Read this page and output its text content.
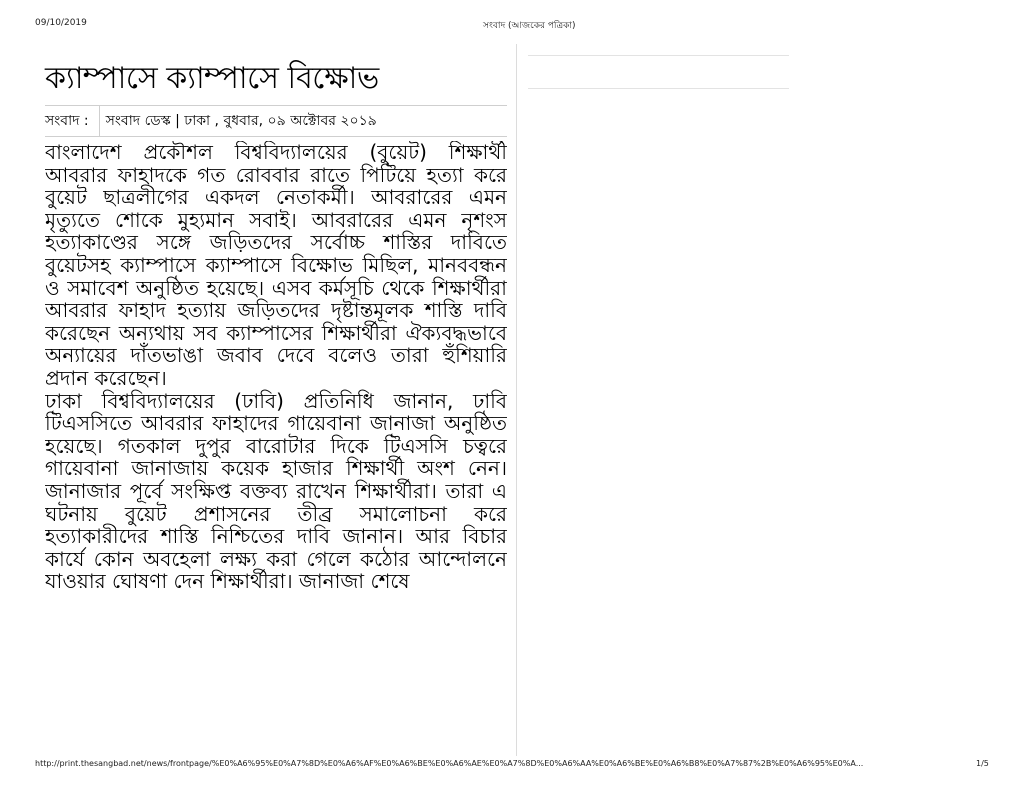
09/10/2019	সংবাদ (আজকের পত্রিকা)
ক্যাম্পাসে ক্যাম্পাসে বিক্ষোভ
সংবাদ :	সংবাদ ডেস্ক | ঢাকা , বুধবার, ০৯ অক্টোবর ২০১৯

বাংলাদেশ প্রকৌশল বিশ্ববিদ্যালয়ের (বুয়েট) শিক্ষার্থী আবরার ফাহাদকে গত রোববার রাতে পিটিয়ে হত্যা করে বুয়েট ছাত্রলীগের একদল নেতাকর্মী। আবরারের এমন মৃত্যুতে শোকে মুহ্যমান সবাই। আবরারের এমন নৃশংস হত্যাকাণ্ডের সঙ্গে জড়িতদের সর্বোচ্চ শাস্তির দাবিতে বুয়েটসহ ক্যাম্পাসে ক্যাম্পাসে বিক্ষোভ মিছিল, মানববন্ধন ও সমাবেশ অনুষ্ঠিত হয়েছে। এসব কর্মসূচি থেকে শিক্ষার্থীরা আবরার ফাহাদ হত্যায় জড়িতদের দৃষ্টান্তমূলক শাস্তি দাবি করেছেন অন্যথায় সব ক্যাম্পাসের শিক্ষার্থীরা ঐক্যবদ্ধভাবে অন্যায়ের দাঁতভাঙা জবাব দেবে বলেও তারা হুঁশিয়ারি প্রদান করেছেন।

ঢাকা বিশ্ববিদ্যালয়ের (ঢাবি) প্রতিনিধি জানান, ঢাবি টিএসসিতে আবরার ফাহাদের গায়েবানা জানাজা অনুষ্ঠিত হয়েছে। গতকাল দুপুর বারোটার দিকে টিএসসি চত্বরে গায়েবানা জানাজায় কয়েক হাজার শিক্ষার্থী অংশ নেন। জানাজার পূর্বে সংক্ষিপ্ত বক্তব্য রাখেন শিক্ষার্থীরা। তারা এ ঘটনায় বুয়েট প্রশাসনের তীব্র সমালোচনা করে হত্যাকারীদের শাস্তি নিশ্চিতের দাবি জানান। আর বিচার কার্যে কোন অবহেলা লক্ষ্য করা গেলে কঠোর আন্দোলনে যাওয়ার ঘোষণা দেন শিক্ষার্থীরা। জানাজা শেষে

http://print.thesangbad.net/news/frontpage/%E0%A6%95%E0%A7%8D%E0%A6%AF%E0%A6%BE%E0%A6%AE%E0%A7%8D%E0%A6%AA%E0%A6%BE%E0%A6%B8%E0%A7%87%2B%E0%A6%95%E0%A...	1/5
